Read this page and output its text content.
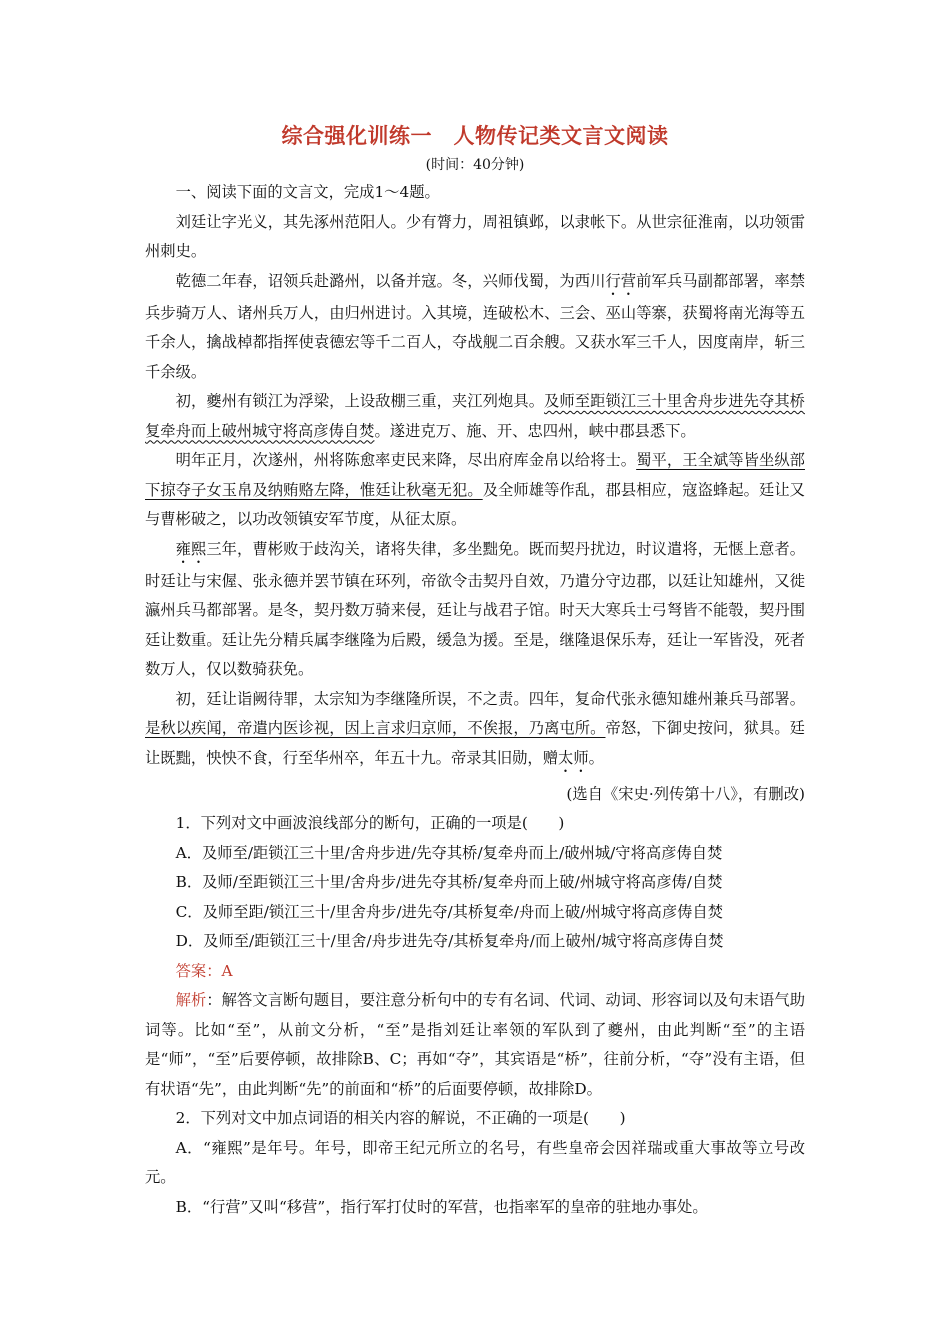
综合强化训练一　人物传记类文言文阅读
(时间：40分钟)

一、阅读下面的文言文，完成1～4题。

刘廷让字光义，其先涿州范阳人。少有膂力，周祖镇邺，以隶帐下。从世宗征淮南，以功领雷州刺史。

乾德二年春，诏领兵赴潞州，以备并寇。冬，兴师伐蜀，为西川行营前军兵马副都部署，率禁兵步骑万人、诸州兵万人，由归州进讨。入其境，连破松木、三会、巫山等寨，获蜀将南光海等五千余人，擒战棹都指挥使袁德宏等千二百人，夺战舰二百余艘。又获水军三千人，因度南岸，斩三千余级。

初，夔州有锁江为浮梁，上设敌棚三重，夹江列炮具。及师至距锁江三十里舍舟步进先夺其桥复牵舟而上破州城守将高彦俦自焚。遂进克万、施、开、忠四州，峡中郡县悉下。

明年正月，次遂州，州将陈愈率吏民来降，尽出府库金帛以给将士。蜀平，王全斌等皆坐纵部下掠夺子女玉帛及纳贿赂左降，惟廷让秋毫无犯。及全师雄等作乱，郡县相应，寇盗蜂起。廷让又与曹彬破之，以功改领镇安军节度，从征太原。

雍熙三年，曹彬败于歧沟关，诸将失律，多坐黜免。既而契丹扰边，时议遣将，无惬上意者。时廷让与宋偓、张永德并罢节镇在环列，帝欲令击契丹自效，乃遣分守边郡，以廷让知雄州，又徙瀛州兵马都部署。是冬，契丹数万骑来侵，廷让与战君子馆。时天大寒兵士弓弩皆不能彀，契丹围廷让数重。廷让先分精兵属李继隆为后殿，缓急为援。至是，继隆退保乐寿，廷让一军皆没，死者数万人，仅以数骑获免。

初，廷让诣阙待罪，太宗知为李继隆所误，不之责。四年，复命代张永德知雄州兼兵马部署。是秋以疾闻，帝遣内医诊视，因上言求归京师，不俟报，乃离屯所。帝怒，下御史按问，狱具。廷让既黜，怏怏不食，行至华州卒，年五十九。帝录其旧勋，赠太师。

(选自《宋史·列传第十八》，有删改)

1．下列对文中画波浪线部分的断句，正确的一项是(　　)

A．及师至/距锁江三十里/舍舟步进/先夺其桥/复牵舟而上/破州城/守将高彦俦自焚

B．及师/至距锁江三十里/舍舟步/进先夺其桥/复牵舟而上破/州城守将高彦俦/自焚

C．及师至距/锁江三十/里舍舟步/进先夺/其桥复牵/舟而上破/州城守将高彦俦自焚

D．及师至/距锁江三十/里舍/舟步进先夺/其桥复牵舟/而上破州/城守将高彦俦自焚

答案：A

解析：解答文言断句题目，要注意分析句中的专有名词、代词、动词、形容词以及句末语气助词等。比如“至”，从前文分析，“至”是指刘廷让率领的军队到了夔州，由此判断“至”的主语是“师”，“至”后要停顿，故排除B、C；再如“夺”，其宾语是“桥”，往前分析，“夺”没有主语，但有状语“先”，由此判断“先”的前面和“桥”的后面要停顿，故排除D。

2．下列对文中加点词语的相关内容的解说，不正确的一项是(　　)

A．“雍熙”是年号。年号，即帝王纪元所立的名号，有些皇帝会因祥瑞或重大事故等立号改元。

B．“行营”又叫“移营”，指行军打仗时的军营，也指率军的皇帝的驻地办事处。
